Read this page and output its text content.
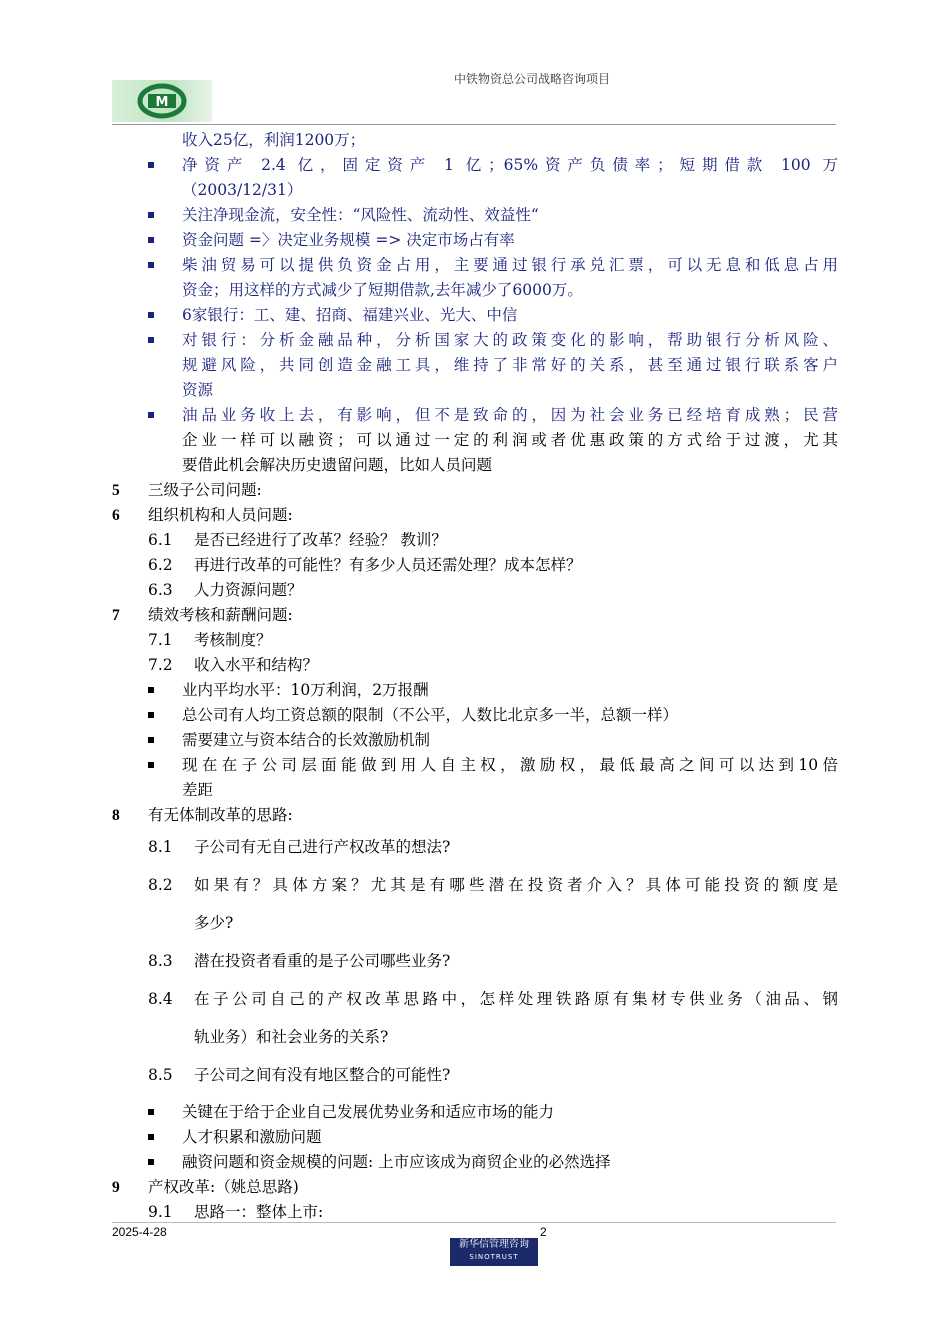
M
中铁物资总公司战略咨询项目
收入25亿，利润1200万；
净资产 2.4 亿，固定资产 1 亿；65%资产负债率；短期借款 100 万
（2003/12/31）
关注净现金流，安全性：“风险性、流动性、效益性“
资金问题 =〉决定业务规模 => 决定市场占有率
柴油贸易可以提供负资金占用，主要通过银行承兑汇票，可以无息和低息占用
资金；用这样的方式减少了短期借款,去年减少了6000万。
6家银行：工、建、招商、福建兴业、光大、中信
对银行：分析金融品种，分析国家大的政策变化的影响，帮助银行分析风险、
规避风险，共同创造金融工具，维持了非常好的关系，甚至通过银行联系客户
资源
油品业务收上去，有影响，但不是致命的，因为社会业务已经培育成熟；民营
企业一样可以融资；可以通过一定的利润或者优惠政策的方式给于过渡，尤其
要借此机会解决历史遗留问题，比如人员问题
5 三级子公司问题:
6 组织机构和人员问题:
6.1 是否已经进行了改革？经验？ 教训？
6.2 再进行改革的可能性？有多少人员还需处理？成本怎样？
6.3 人力资源问题？
7 绩效考核和薪酬问题:
7.1 考核制度？
7.2 收入水平和结构？
业内平均水平：10万利润，2万报酬
总公司有人均工资总额的限制（不公平，人数比北京多一半，总额一样）
需要建立与资本结合的长效激励机制
现在在子公司层面能做到用人自主权，激励权，最低最高之间可以达到10倍
差距
8 有无体制改革的思路:
8.1 子公司有无自己进行产权改革的想法?
8.2 如果有？具体方案？尤其是有哪些潜在投资者介入？具体可能投资的额度是
多少?
8.3 潜在投资者看重的是子公司哪些业务?
8.4 在子公司自己的产权改革思路中，怎样处理铁路原有集材专供业务（油品、钢
轨业务）和社会业务的关系?
8.5 子公司之间有没有地区整合的可能性?
关键在于给于企业自己发展优势业务和适应市场的能力
人才积累和激励问题
融资问题和资金规模的问题: 上市应该成为商贸企业的必然选择
9 产权改革:（姚总思路)
9.1 思路一：整体上市:
2025-4-28	2
新华信管理咨询
SINOTRUST
